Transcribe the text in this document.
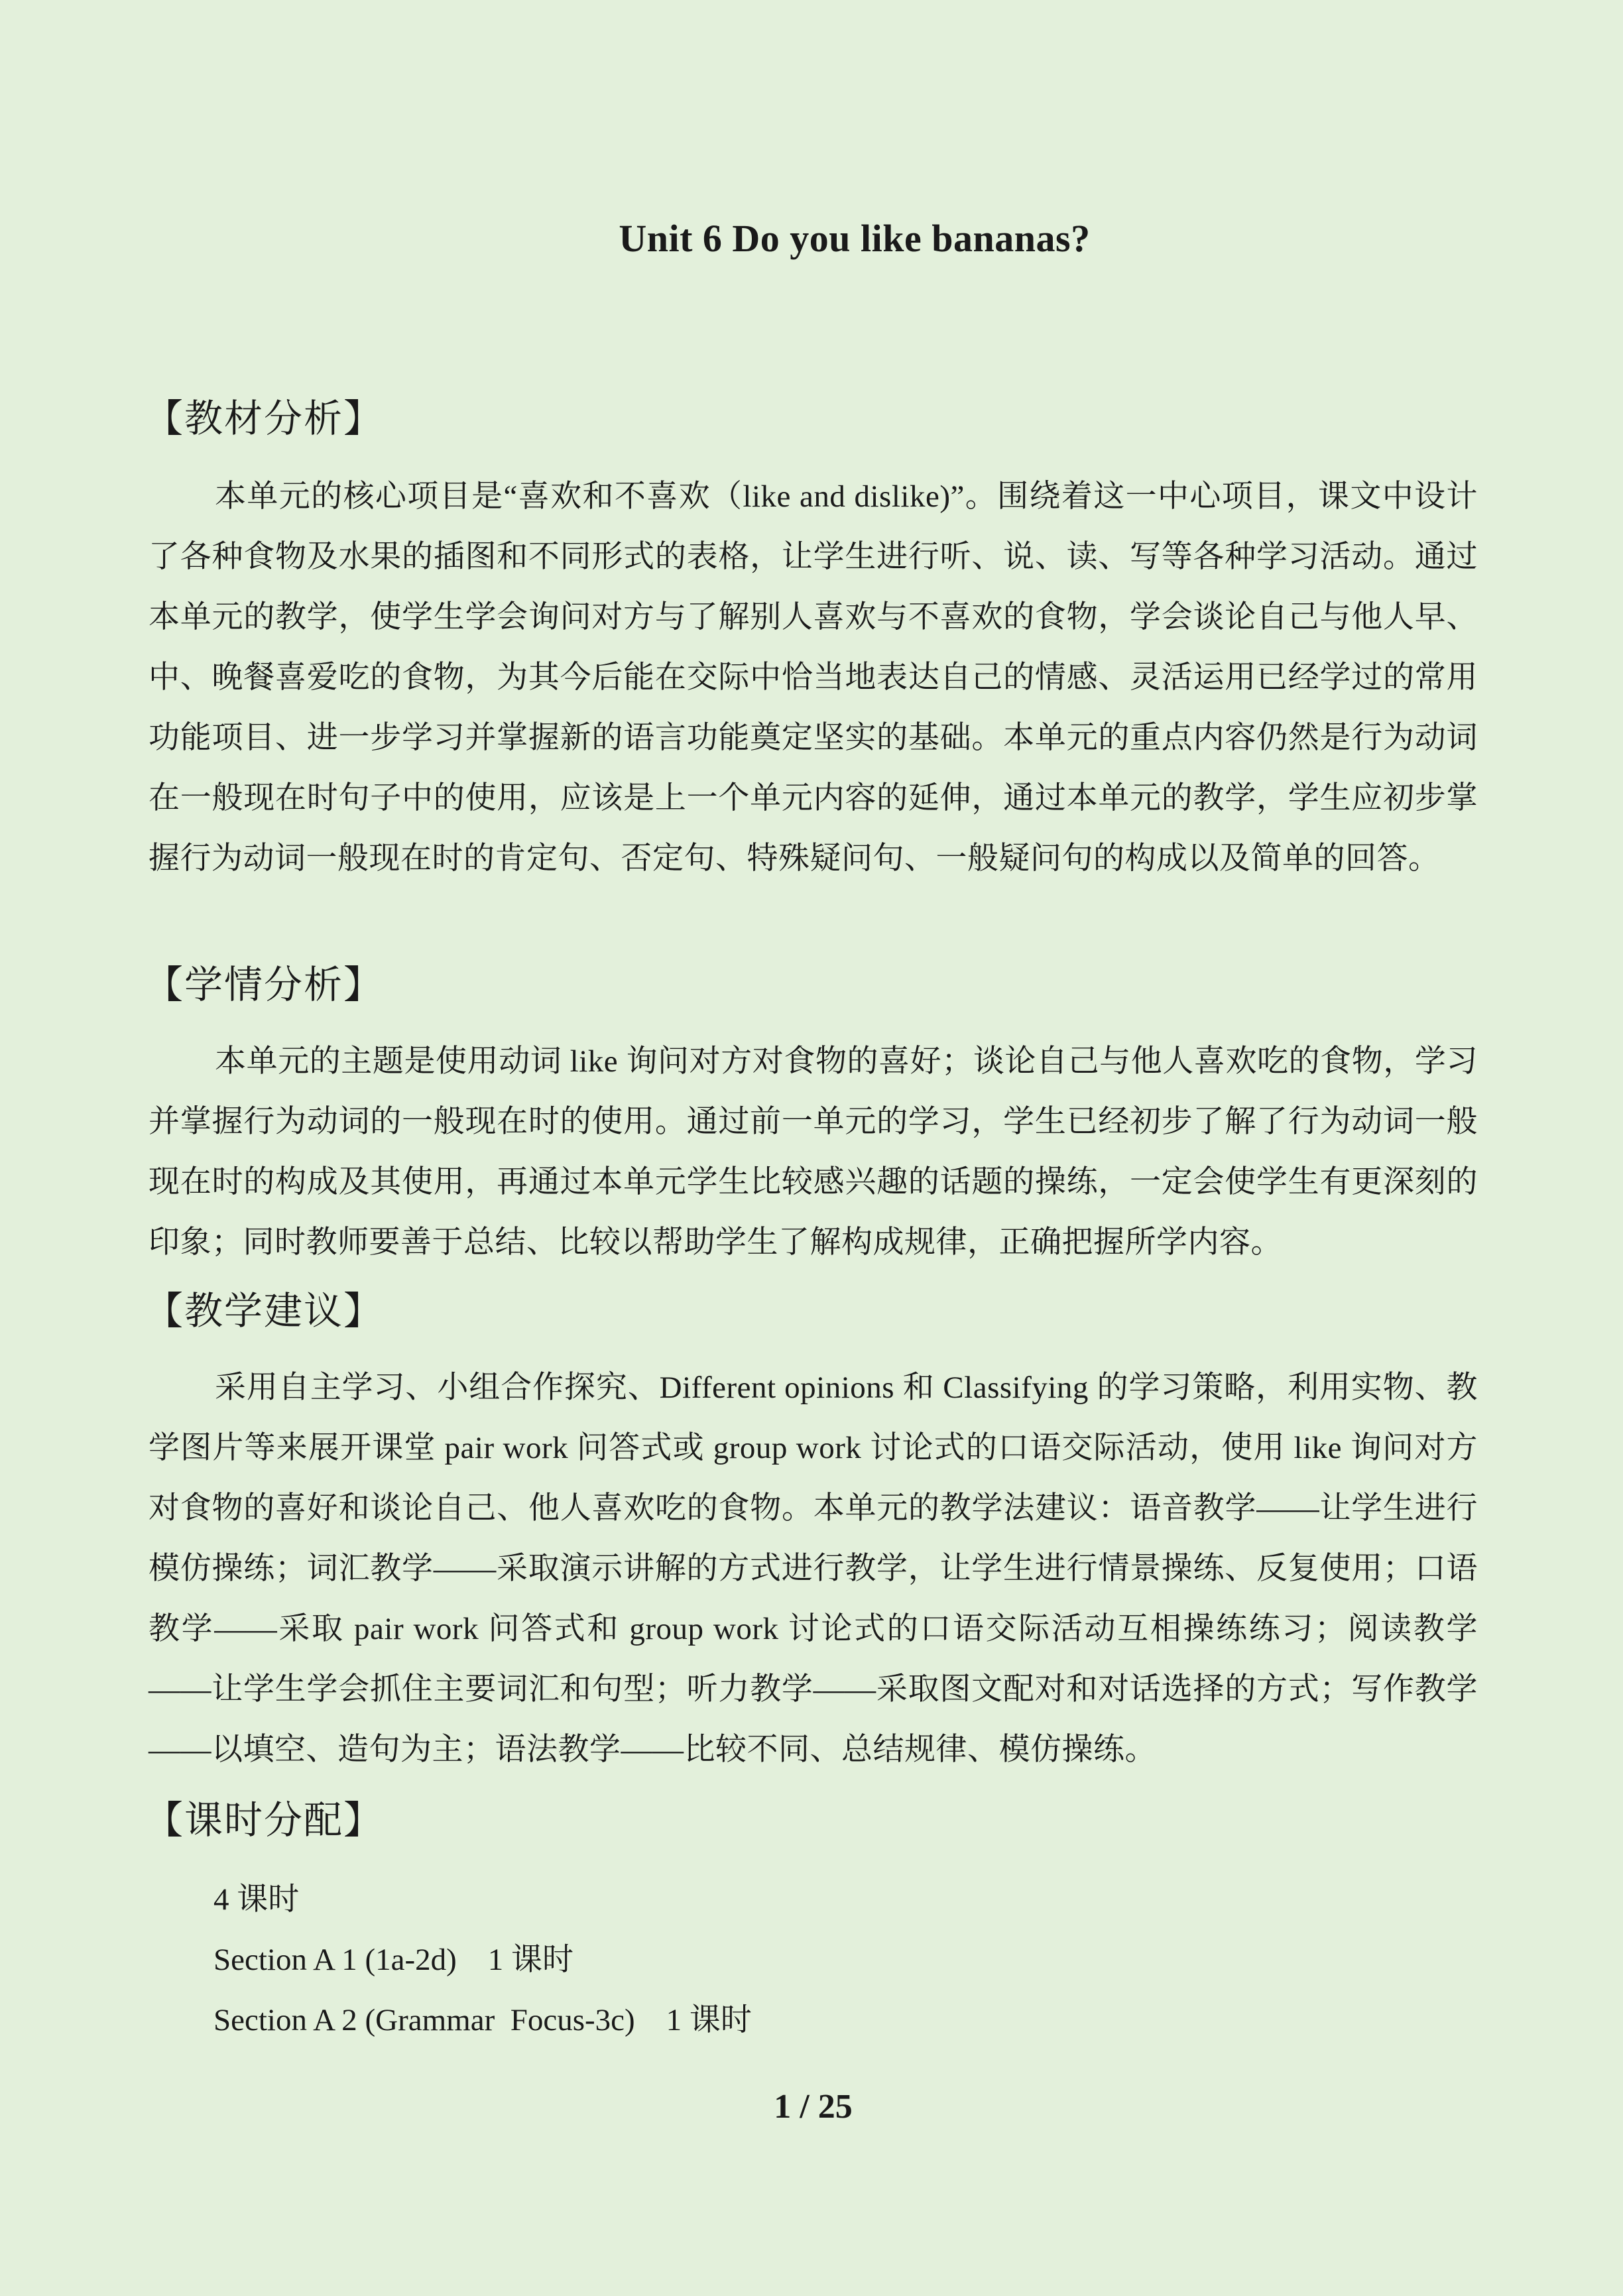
Unit 6 Do you like bananas?
【教材分析】

本单元的核心项目是“喜欢和不喜欢（like and dislike)”。围绕着这一中心项目，课文中设计了各种食物及水果的插图和不同形式的表格，让学生进行听、说、读、写等各种学习活动。通过本单元的教学，使学生学会询问对方与了解别人喜欢与不喜欢的食物，学会谈论自己与他人早、中、晚餐喜爱吃的食物，为其今后能在交际中恰当地表达自己的情感、灵活运用已经学过的常用功能项目、进一步学习并掌握新的语言功能奠定坚实的基础。本单元的重点内容仍然是行为动词在一般现在时句子中的使用，应该是上一个单元内容的延伸，通过本单元的教学，学生应初步掌握行为动词一般现在时的肯定句、否定句、特殊疑问句、一般疑问句的构成以及简单的回答。

【学情分析】

本单元的主题是使用动词 like 询问对方对食物的喜好；谈论自己与他人喜欢吃的食物，学习并掌握行为动词的一般现在时的使用。通过前一单元的学习，学生已经初步了解了行为动词一般现在时的构成及其使用，再通过本单元学生比较感兴趣的话题的操练，一定会使学生有更深刻的印象；同时教师要善于总结、比较以帮助学生了解构成规律，正确把握所学内容。

【教学建议】

采用自主学习、小组合作探究、Different opinions 和 Classifying 的学习策略，利用实物、教学图片等来展开课堂 pair work 问答式或 group work 讨论式的口语交际活动，使用 like 询问对方对食物的喜好和谈论自己、他人喜欢吃的食物。本单元的教学法建议：语音教学——让学生进行模仿操练；词汇教学——采取演示讲解的方式进行教学，让学生进行情景操练、反复使用；口语教学——采取 pair work 问答式和 group work 讨论式的口语交际活动互相操练练习；阅读教学——让学生学会抓住主要词汇和句型；听力教学——采取图文配对和对话选择的方式；写作教学——以填空、造句为主；语法教学——比较不同、总结规律、模仿操练。

【课时分配】
4 课时
Section A 1 (1a-2d)    1 课时
Section A 2 (Grammar  Focus-3c)    1 课时
1 / 25
